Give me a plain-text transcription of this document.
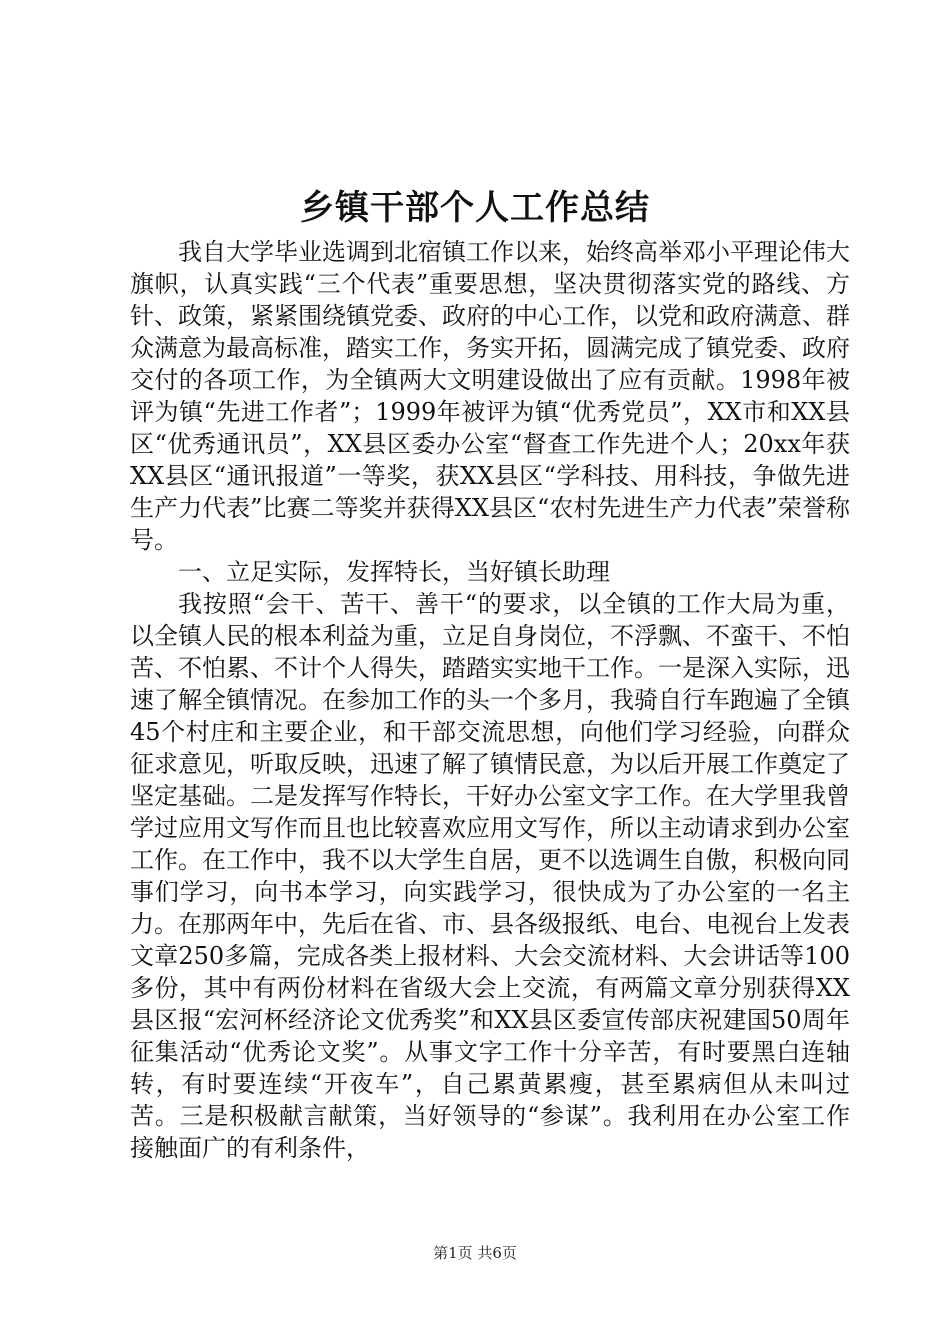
乡镇干部个人工作总结

我自大学毕业选调到北宿镇工作以来，始终高举邓小平理论伟大旗帜，认真实践“三个代表”重要思想，坚决贯彻落实党的路线、方针、政策，紧紧围绕镇党委、政府的中心工作，以党和政府满意、群众满意为最高标准，踏实工作，务实开拓，圆满完成了镇党委、政府交付的各项工作，为全镇两大文明建设做出了应有贡献。1998年被评为镇“先进工作者”；1999年被评为镇“优秀党员”，XX市和XX县区“优秀通讯员”，XX县区委办公室“督查工作先进个人；20xx年获XX县区“通讯报道”一等奖，获XX县区“学科技、用科技，争做先进生产力代表”比赛二等奖并获得XX县区“农村先进生产力代表”荣誉称号。

一、立足实际，发挥特长，当好镇长助理

我按照“会干、苦干、善干“的要求，以全镇的工作大局为重，以全镇人民的根本利益为重，立足自身岗位，不浮飘、不蛮干、不怕苦、不怕累、不计个人得失，踏踏实实地干工作。一是深入实际，迅速了解全镇情况。在参加工作的头一个多月，我骑自行车跑遍了全镇45个村庄和主要企业，和干部交流思想，向他们学习经验，向群众征求意见，听取反映，迅速了解了镇情民意，为以后开展工作奠定了坚定基础。二是发挥写作特长，干好办公室文字工作。在大学里我曾学过应用文写作而且也比较喜欢应用文写作，所以主动请求到办公室工作。在工作中，我不以大学生自居，更不以选调生自傲，积极向同事们学习，向书本学习，向实践学习，很快成为了办公室的一名主力。在那两年中，先后在省、市、县各级报纸、电台、电视台上发表文章250多篇，完成各类上报材料、大会交流材料、大会讲话等100多份，其中有两份材料在省级大会上交流，有两篇文章分别获得XX县区报“宏河杯经济论文优秀奖”和XX县区委宣传部庆祝建国50周年征集活动“优秀论文奖”。从事文字工作十分辛苦，有时要黑白连轴转，有时要连续“开夜车”，自己累黄累瘦，甚至累病但从未叫过苦。三是积极献言献策，当好领导的“参谋”。我利用在办公室工作接触面广的有利条件，

第1页 共6页
